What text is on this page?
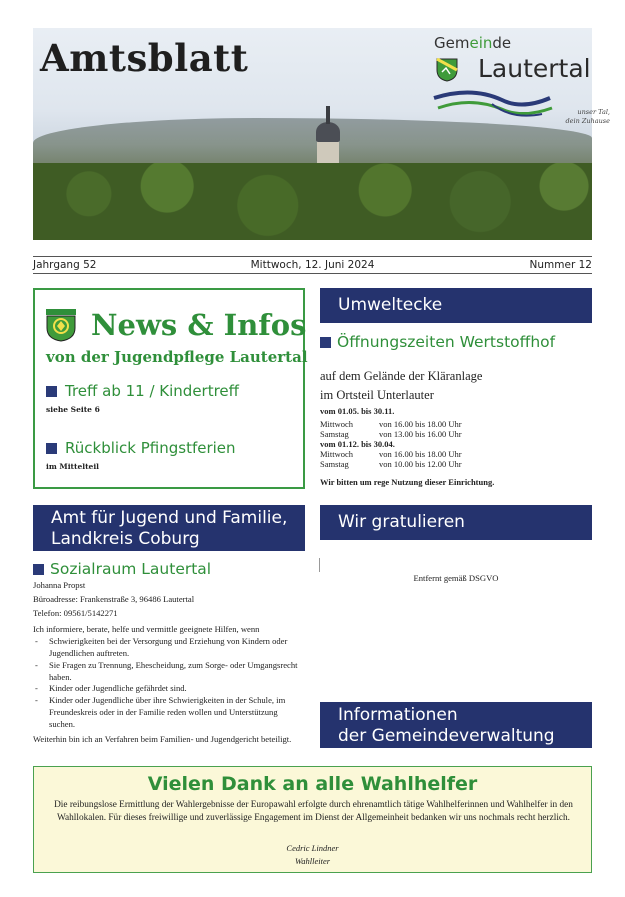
Amtsblatt	Gemeinde
Lautertal
unser Tal,
dein Zuhause
Jahrgang 52	Mittwoch, 12. Juni 2024	Nummer 12
News & Infos
von der Jugendpflege Lautertal
Treff ab 11 / Kindertreff
siehe Seite 6
Rückblick Pfingstferien
im Mittelteil
Umweltecke
Öffnungszeiten Wertstoffhof
auf dem Gelände der Kläranlage
im Ortsteil Unterlauter
vom 01.05. bis 30.11.
Mittwoch	von 16.00 bis 18.00 Uhr
Samstag	von 13.00 bis 16.00 Uhr
vom 01.12. bis 30.04.
Mittwoch	von 16.00 bis 18.00 Uhr
Samstag	von 10.00 bis 12.00 Uhr
Wir bitten um rege Nutzung dieser Einrichtung.
Amt für Jugend und Familie,
Landkreis Coburg
Sozialraum Lautertal
Johanna Propst
Büroadresse: Frankenstraße 3, 96486 Lautertal
Telefon: 09561/5142271
Ich informiere, berate, helfe und vermittle geeignete Hilfen, wenn
- Schwierigkeiten bei der Versorgung und Erziehung von Kindern oder Jugendlichen auftreten.
- Sie Fragen zu Trennung, Ehescheidung, zum Sorge- oder Umgangsrecht haben.
- Kinder oder Jugendliche gefährdet sind.
- Kinder oder Jugendliche über ihre Schwierigkeiten in der Schule, im Freundeskreis oder in der Familie reden wollen und Unterstützung suchen.
Weiterhin bin ich an Verfahren beim Familien- und Jugendgericht beteiligt.
Wir gratulieren
Entfernt gemäß DSGVO
Informationen
der Gemeindeverwaltung
Vielen Dank an alle Wahlhelfer
Die reibungslose Ermittlung der Wahlergebnisse der Europawahl erfolgte durch ehrenamtlich tätige Wahlhelferinnen und Wahlhelfer in den Wahllokalen. Für dieses freiwillige und zuverlässige Engagement im Dienst der Allgemeinheit bedanken wir uns nochmals recht herzlich.
Cedric Lindner
Wahlleiter
